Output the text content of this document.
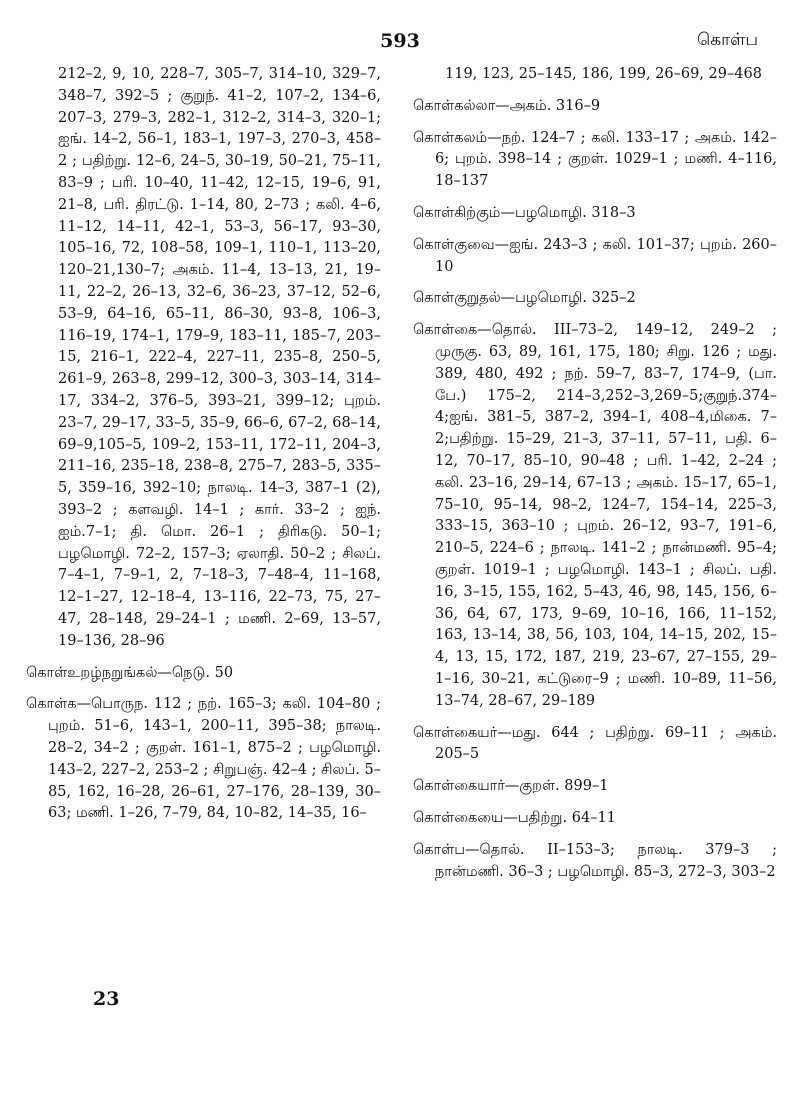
593	கொள்ப

212–2, 9, 10, 228–7, 305–7, 314–10, 329–7, 348–7, 392–5 ; குறுந். 41–2, 107–2, 134–6, 207–3, 279–3, 282–1, 312–2, 314–3, 320–1; ஐங். 14–2, 56–1, 183–1, 197–3, 270–3, 458–2 ; பதிற்று. 12–6, 24–5, 30–19, 50–21, 75–11, 83–9 ; பரி. 10–40, 11–42, 12–15, 19–6, 91, 21–8, பரி. திரட்டு. 1–14, 80, 2–73 ; கலி. 4–6, 11–12, 14–11, 42–1, 53–3, 56–17, 93–30, 105–16, 72, 108–58, 109–1, 110–1, 113–20, 120–21,130–7; அகம். 11–4, 13–13, 21, 19–11, 22–2, 26–13, 32–6, 36–23, 37–12, 52–6, 53–9, 64–16, 65–11, 86–30, 93–8, 106–3, 116–19, 174–1, 179–9, 183–11, 185–7, 203–15, 216–1, 222–4, 227–11, 235–8, 250–5, 261–9, 263–8, 299–12, 300–3, 303–14, 314–17, 334–2, 376–5, 393–21, 399–12; புறம். 23–7, 29–17, 33–5, 35–9, 66–6, 67–2, 68–14, 69–9,105–5, 109–2, 153–11, 172–11, 204–3, 211–16, 235–18, 238–8, 275–7, 283–5, 335–5, 359–16, 392–10; நாலடி. 14–3, 387–1 (2), 393–2 ; களவழி. 14–1 ; கார். 33–2 ; ஐந். ஐம்.7–1; தி. மொ. 26–1 ; திரிகடு. 50–1; பழமொழி. 72–2, 157–3; ஏலாதி. 50–2 ; சிலப். 7–4–1, 7–9–1, 2, 7–18–3, 7–48–4, 11–168, 12–1–27, 12–18–4, 13–116, 22–73, 75, 27–47, 28–148, 29–24–1 ; மணி. 2–69, 13–57, 19–136, 28–96

கொள்உறழ்நறுங்கல்—நெடு. 50

கொள்க—பொருந. 112 ; நற். 165–3; கலி. 104–80 ; புறம். 51–6, 143–1, 200–11, 395–38; நாலடி. 28–2, 34–2 ; குறள். 161–1, 875–2 ; பழமொழி. 143–2, 227–2, 253–2 ; சிறுபஞ். 42–4 ; சிலப். 5–85, 162, 16–28, 26–61, 27–176, 28–139, 30–63; மணி. 1–26, 7–79, 84, 10–82, 14–35, 16–

119, 123, 25–145, 186, 199, 26–69, 29–468

கொள்கல்லா—அகம். 316–9

கொள்கலம்—நற். 124–7 ; கலி. 133–17 ; அகம். 142–6; புறம். 398–14 ; குறள். 1029–1 ; மணி. 4–116, 18–137

கொள்கிற்கும்—பழமொழி. 318–3

கொள்குவை—ஐங். 243–3 ; கலி. 101–37; புறம். 260–10

கொள்குறுதல்—பழமொழி. 325–2

கொள்கை—தொல். III–73–2, 149–12, 249–2 ; முருகு. 63, 89, 161, 175, 180; சிறு. 126 ; மது. 389, 480, 492 ; நற். 59–7, 83–7, 174–9, (பா. பே.) 175–2, 214–3,252–3,269–5;குறுந்.374–4;ஐங். 381–5, 387–2, 394–1, 408–4,மிகை. 7–2;பதிற்று. 15–29, 21–3, 37–11, 57–11, பதி. 6–12, 70–17, 85–10, 90–48 ; பரி. 1–42, 2–24 ; கலி. 23–16, 29–14, 67–13 ; அகம். 15–17, 65–1, 75–10, 95–14, 98–2, 124–7, 154–14, 225–3, 333–15, 363–10 ; புறம். 26–12, 93–7, 191–6, 210–5, 224–6 ; நாலடி. 141–2 ; நான்மணி. 95–4; குறள். 1019–1 ; பழமொழி. 143–1 ; சிலப். பதி. 16, 3–15, 155, 162, 5–43, 46, 98, 145, 156, 6–36, 64, 67, 173, 9–69, 10–16, 166, 11–152, 163, 13–14, 38, 56, 103, 104, 14–15, 202, 15–4, 13, 15, 172, 187, 219, 23–67, 27–155, 29–1–16, 30–21, கட்டுரை–9 ; மணி. 10–89, 11–56, 13–74, 28–67, 29–189

கொள்கையர்—மது. 644 ; பதிற்று. 69–11 ; அகம். 205–5

கொள்கையார்—குறள். 899–1

கொள்கையை—பதிற்று. 64–11

கொள்ப—தொல். II–153–3; நாலடி. 379–3 ; நான்மணி. 36–3 ; பழமொழி. 85–3, 272–3, 303–2

23
